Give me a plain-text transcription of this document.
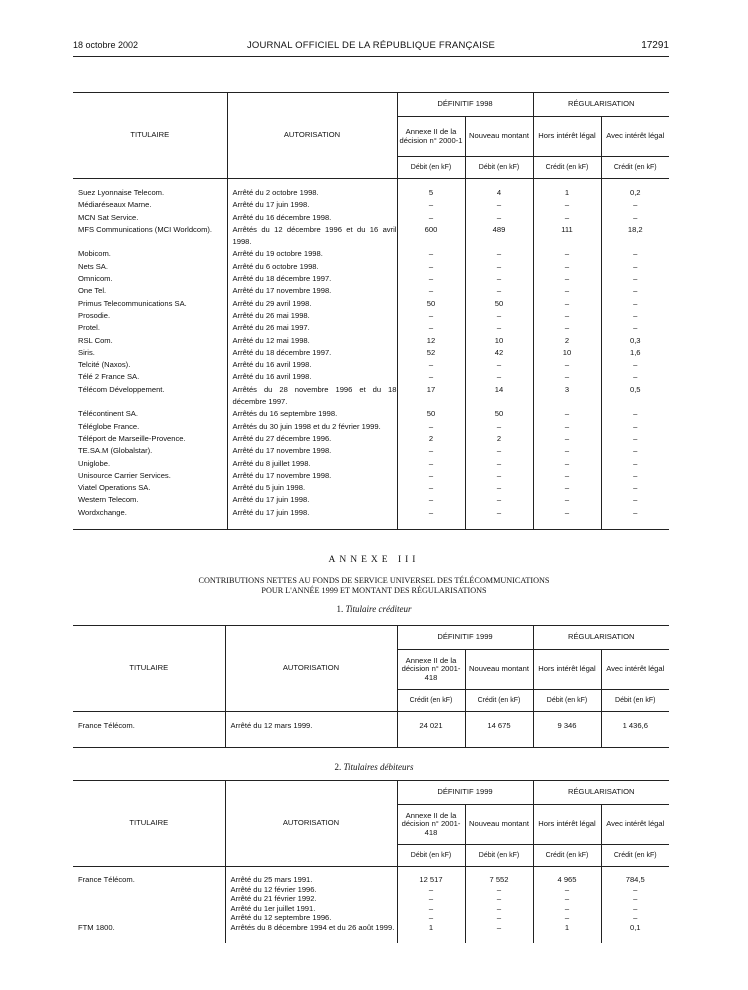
18 octobre 2002	JOURNAL OFFICIEL DE LA RÉPUBLIQUE FRANÇAISE	17291
TITULAIRE	AUTORISATION	DÉFINITIF 1998		RÉGULARISATION	
		Annexe II de la décision n° 2000-1	Nouveau montant	Hors intérêt légal	Avec intérêt légal
		Débit (en kF)	Débit (en kF)	Crédit (en kF)	Crédit (en kF)
Suez Lyonnaise Telecom.	Arrêté du 2 octobre 1998.	5	4	1	0,2
Médiaréseaux Marne.	Arrêté du 17 juin 1998.	–	–	–	–
MCN Sat Service.	Arrêté du 16 décembre 1998.	–	–	–	–
MFS Communications (MCI Worldcom).	Arrêtés du 12 décembre 1996 et du 16 avril 1998.	600	489	111	18,2
Mobicom.	Arrêté du 19 octobre 1998.	–	–	–	–
Nets SA.	Arrêté du 6 octobre 1998.	–	–	–	–
Omnicom.	Arrêté du 18 décembre 1997.	–	–	–	–
One Tel.	Arrêté du 17 novembre 1998.	–	–	–	–
Primus Telecommunications SA.	Arrêté du 29 avril 1998.	50	50	–	–
Prosodie.	Arrêté du 26 mai 1998.	–	–	–	–
Protel.	Arrêté du 26 mai 1997.	–	–	–	–
RSL Com.	Arrêté du 12 mai 1998.	12	10	2	0,3
Siris.	Arrêté du 18 décembre 1997.	52	42	10	1,6
Telcité (Naxos).	Arrêté du 16 avril 1998.	–	–	–	–
Télé 2 France SA.	Arrêté du 16 avril 1998.	–	–	–	–
Télécom Développement.	Arrêtés du 28 novembre 1996 et du 18 décembre 1997.	17	14	3	0,5
Télécontinent SA.	Arrêtés du 16 septembre 1998.	50	50	–	–
Téléglobe France.	Arrêtés du 30 juin 1998 et du 2 février 1999.	–	–	–	–
Téléport de Marseille-Provence.	Arrêté du 27 décembre 1996.	2	2	–	–
TE.SA.M (Globalstar).	Arrêté du 17 novembre 1998.	–	–	–	–
Uniglobe.	Arrêté du 8 juillet 1998.	–	–	–	–
Unisource Carrier Services.	Arrêté du 17 novembre 1998.	–	–	–	–
Viatel Operations SA.	Arrêté du 5 juin 1998.	–	–	–	–
Western Telecom.	Arrêté du 17 juin 1998.	–	–	–	–
Wordxchange.	Arrêté du 17 juin 1998.	–	–	–	–
ANNEXE III
CONTRIBUTIONS NETTES AU FONDS DE SERVICE UNIVERSEL DES TÉLÉCOMMUNICATIONS
POUR L'ANNÉE 1999 ET MONTANT DES RÉGULARISATIONS
1. Titulaire créditeur
TITULAIRE	AUTORISATION	DÉFINITIF 1999		RÉGULARISATION	
		Annexe II de la décision n° 2001-418	Nouveau montant	Hors intérêt légal	Avec intérêt légal
		Crédit (en kF)	Crédit (en kF)	Débit (en kF)	Débit (en kF)
France Télécom.	Arrêté du 12 mars 1999.	24 021	14 675	9 346	1 436,6
2. Titulaires débiteurs
TITULAIRE	AUTORISATION	DÉFINITIF 1999		RÉGULARISATION	
		Annexe II de la décision n° 2001-418	Nouveau montant	Hors intérêt légal	Avec intérêt légal
		Débit (en kF)	Débit (en kF)	Crédit (en kF)	Crédit (en kF)
France Télécom.	Arrêté du 25 mars 1991.	12 517	7 552	4 965	784,5
	Arrêté du 12 février 1996.	–	–	–	–
	Arrêté du 21 février 1992.	–	–	–	–
	Arrêté du 1er juillet 1991.	–	–	–	–
	Arrêté du 12 septembre 1996.	–	–	–	–
FTM 1800.	Arrêtés du 8 décembre 1994 et du 26 août 1999.	1	–	1	0,1
